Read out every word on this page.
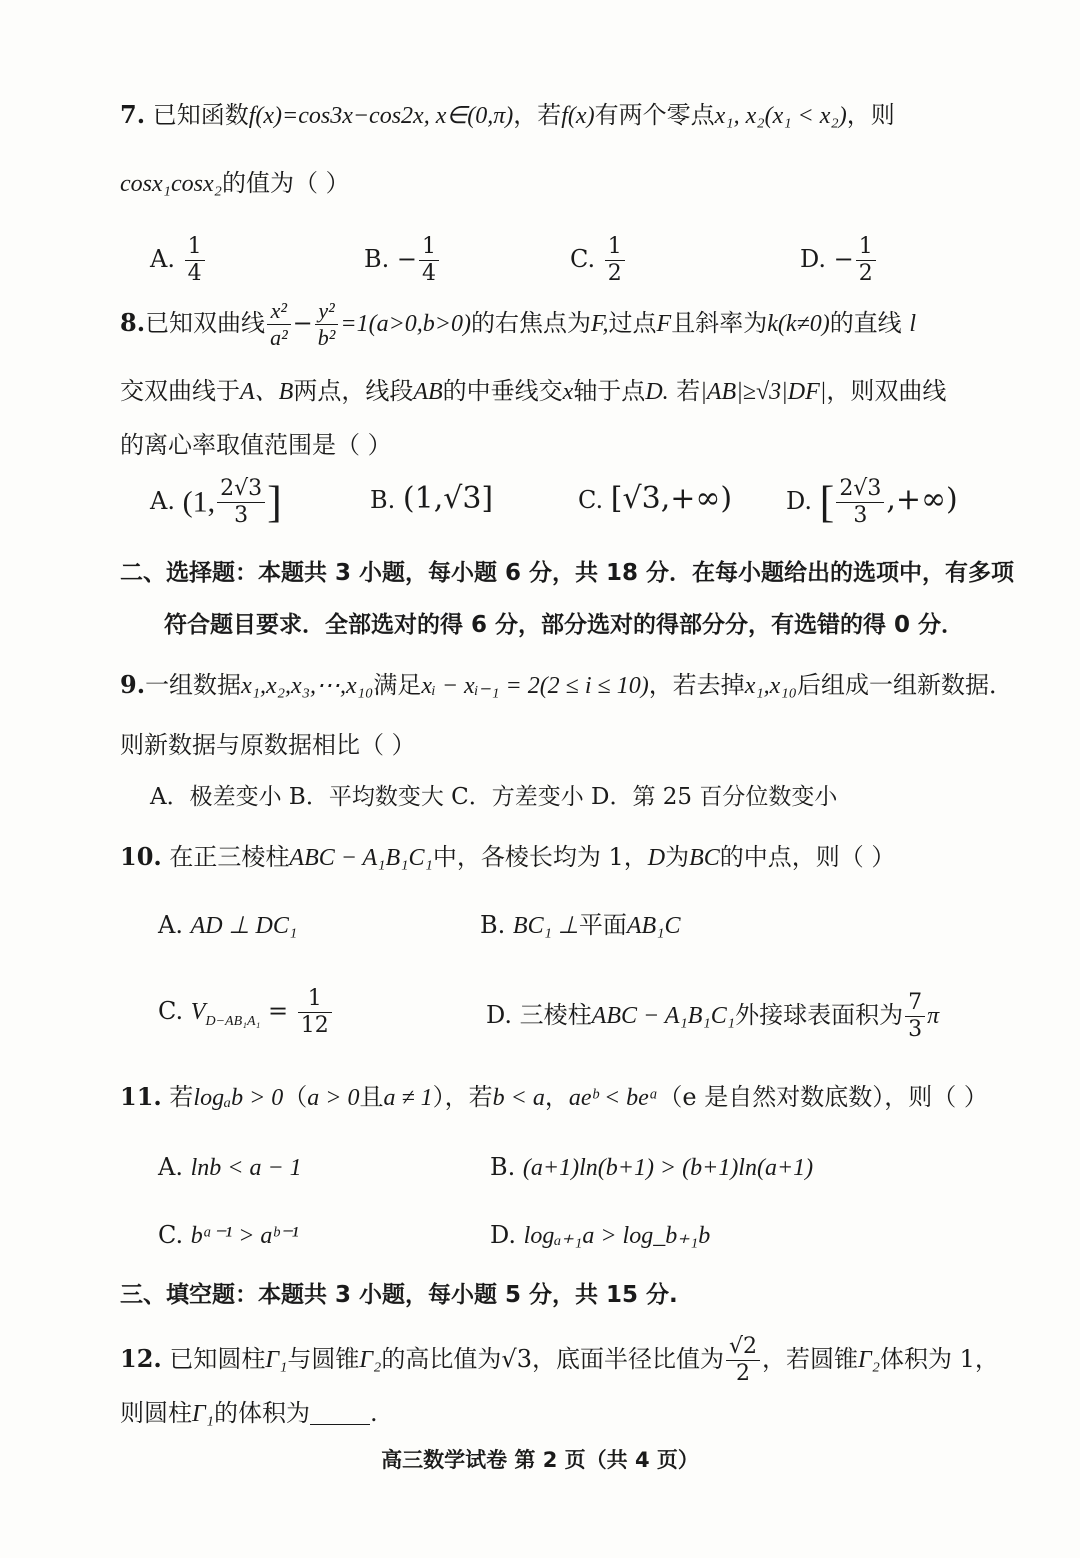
7. 已知函数f(x)=cos3x−cos2x, x∈(0,π)，若f(x)有两个零点x₁, x₂(x₁ < x₂)，则
cosx₁cosx₂的值为（ ）
A. $\frac{1}{4}$	B. − $\frac{1}{4}$	C. $\frac{1}{2}$	D. − $\frac{1}{2}$
8.已知双曲线 $\frac{\text{x²}}{\text{a²}} - \frac{\text{y²}}{\text{b²}} =1(a>0,b>0)$的右焦点为F,过点F且斜率为k(k≠0)的直线 l
交双曲线于A、B两点，线段AB的中垂线交x轴于点D. 若|AB|≥√3|DF|，则双曲线
的离心率取值范围是（ ）
A. (1, $\frac{2√3}{3}$ ]	B. (1,√3]	C. [√3,+∞) D. [ $\frac{2√3}{3}$ ,+∞)
二、选择题：本题共 3 小题，每小题 6 分，共 18 分．在每小题给出的选项中，有多项
符合题目要求．全部选对的得 6 分，部分选对的得部分分，有选错的得 0 分．
9.一组数据x₁,x₂,x₃,⋯,x₁₀满足xᵢ − xᵢ₋₁ = 2(2 ≤ i ≤ 10)，若去掉x₁,x₁₀后组成一组新数据．
则新数据与原数据相比（ ）
A．极差变小 B．平均数变大 C．方差变小 D．第 25 百分位数变小
10. 在正三棱柱ABC − A₁B₁C₁中，各棱长均为 1，D为BC的中点，则（ ）
A. AD ⊥ DC₁	B. BC₁ ⊥平面AB₁C
C. $V_{D-AB_1A_1} = \frac{1}{12}$	D. 三棱柱ABC − A₁B₁C₁外接球表面积为 $\frac{7}{3}$ π
11. 若logₐb > 0（a > 0且a ≠ 1），若b < a，aeᵇ < beᵃ（e 是自然对数底数），则（ ）
A. lnb < a − 1	B. (a+1)ln(b+1) > (b+1)ln(a+1)
C. bᵃ⁻¹ > aᵇ⁻¹	D. logₐ₊₁a > log_b₊₁b
三、填空题：本题共 3 小题，每小题 5 分，共 15 分.
12. 已知圆柱Γ₁与圆锥Γ₂的高比值为√3，底面半径比值为 $\frac{√2}{2}$ ，若圆锥Γ₂体积为 1，
则圆柱Γ₁的体积为	.
高三数学试卷 第 2 页（共 4 页）
